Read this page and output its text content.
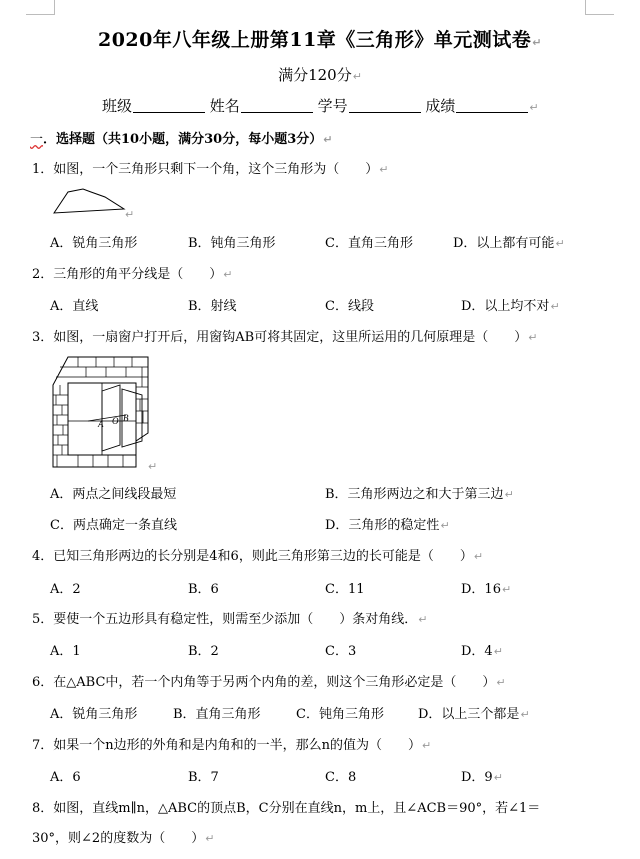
2020年八年级上册第11章《三角形》单元测试卷↵
满分120分↵
班级	姓名	学号	成绩	↵
一．选择题（共10小题，满分30分，每小题3分）↵
1．如图，一个三角形只剩下一个角，这个三角形为（　　）↵
↵
A．锐角三角形	B．钝角三角形	C．直角三角形	D．以上都有可能↵
2．三角形的角平分线是（　　）↵
A．直线	B．射线	C．线段	D．以上均不对↵
3．如图，一扇窗户打开后，用窗钩AB可将其固定，这里所运用的几何原理是（　　）↵
A O B
↵
A．两点之间线段最短	B．三角形两边之和大于第三边↵
C．两点确定一条直线	D．三角形的稳定性↵
4．已知三角形两边的长分别是4和6，则此三角形第三边的长可能是（　　）↵
A．2	B．6	C．11	D．16↵
5．要使一个五边形具有稳定性，则需至少添加（　　）条对角线．↵
A．1	B．2	C．3	D．4↵
6．在△ABC中，若一个内角等于另两个内角的差，则这个三角形必定是（　　）↵
A．锐角三角形	B．直角三角形	C．钝角三角形	D．以上三个都是↵
7．如果一个n边形的外角和是内角和的一半，那么n的值为（　　）↵
A．6	B．7	C．8	D．9↵
8．如图，直线m∥n，△ABC的顶点B，C分别在直线n，m上，且∠ACB＝90°，若∠1＝
30°，则∠2的度数为（　　）↵
